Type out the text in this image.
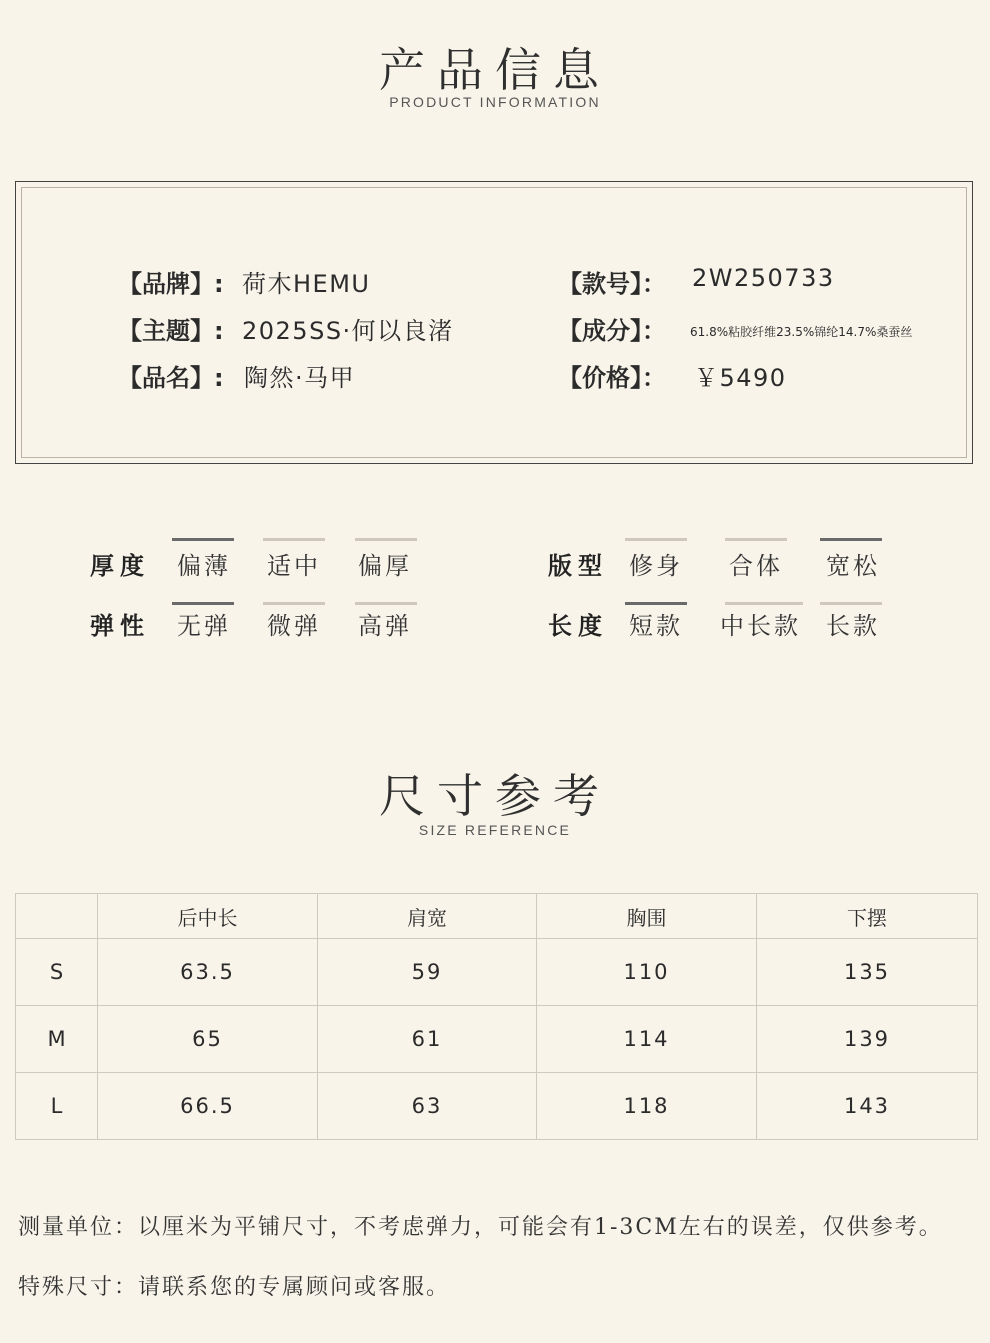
产品信息
PRODUCT INFORMATION
【品牌】: 荷木HEMU
【主题】: 2025SS·何以良渚
【品名】: 陶然·马甲
【款号】： 2W250733
【成分】： 61.8%粘胶纤维23.5%锦纶14.7%桑蚕丝
【价格】： ￥5490
厚度 偏薄 适中 偏厚
弹性 无弹 微弹 高弹
版型 修身 合体 宽松
长度 短款 中长款 长款
尺寸参考
SIZE REFERENCE
	后中长	肩宽	胸围	下摆
S	63.5	59	110	135
M	65	61	114	139
L	66.5	63	118	143
测量单位：以厘米为平铺尺寸，不考虑弹力，可能会有1-3CM左右的误差，仅供参考。
特殊尺寸：请联系您的专属顾问或客服。
